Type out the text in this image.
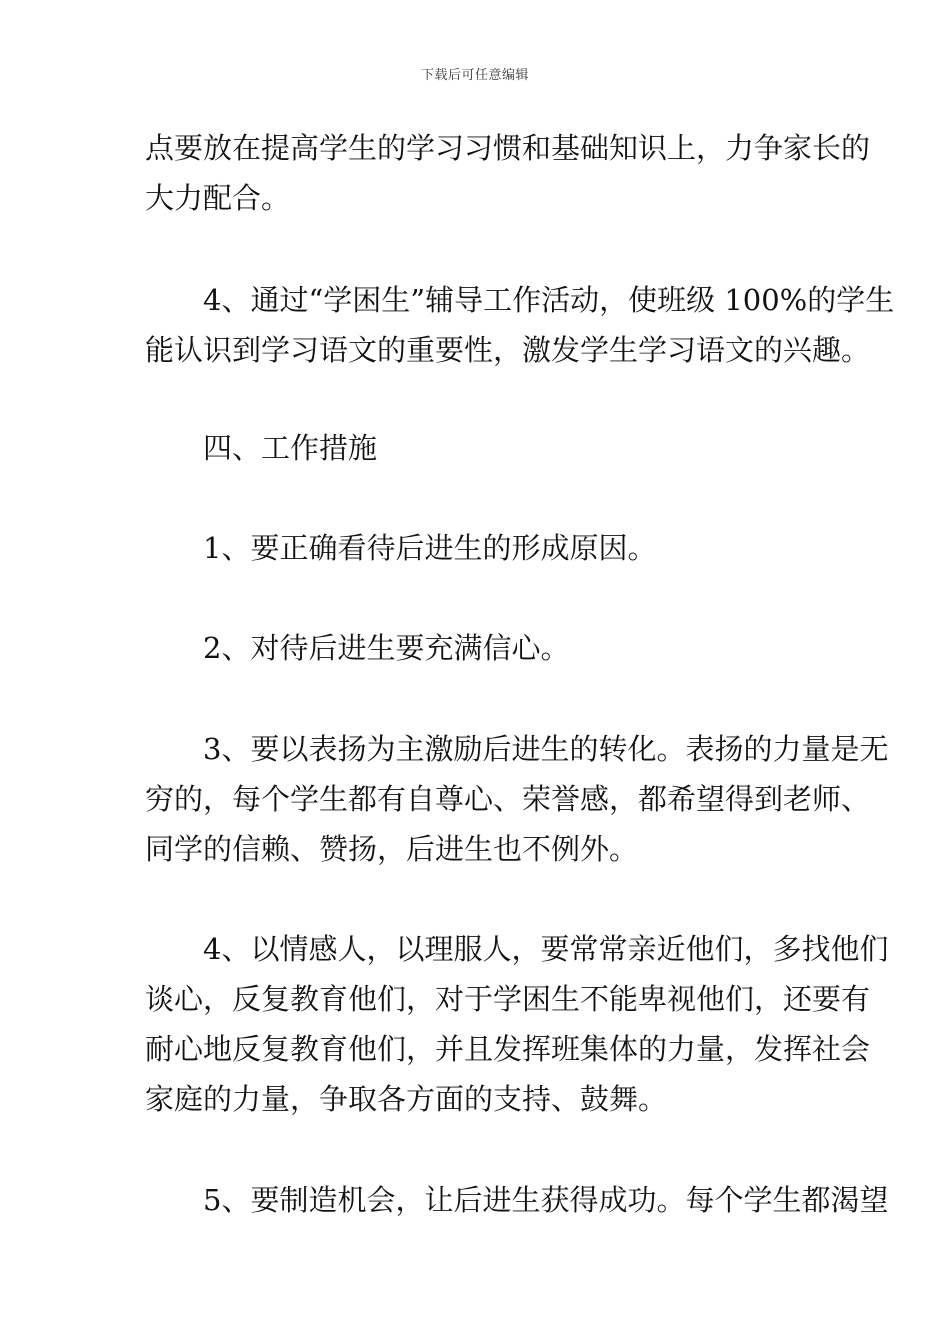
下载后可任意编辑
点要放在提高学生的学习习惯和基础知识上，力争家长的
大力配合。
　　4、通过“学困生”辅导工作活动，使班级 100%的学生
能认识到学习语文的重要性，激发学生学习语文的兴趣。
　　四、工作措施
　　1、要正确看待后进生的形成原因。
　　2、对待后进生要充满信心。
　　3、要以表扬为主激励后进生的转化。表扬的力量是无
穷的，每个学生都有自尊心、荣誉感，都希望得到老师、
同学的信赖、赞扬，后进生也不例外。
　　4、以情感人，以理服人，要常常亲近他们，多找他们
谈心，反复教育他们，对于学困生不能卑视他们，还要有
耐心地反复教育他们，并且发挥班集体的力量，发挥社会
家庭的力量，争取各方面的支持、鼓舞。
　　5、要制造机会，让后进生获得成功。每个学生都渴望
